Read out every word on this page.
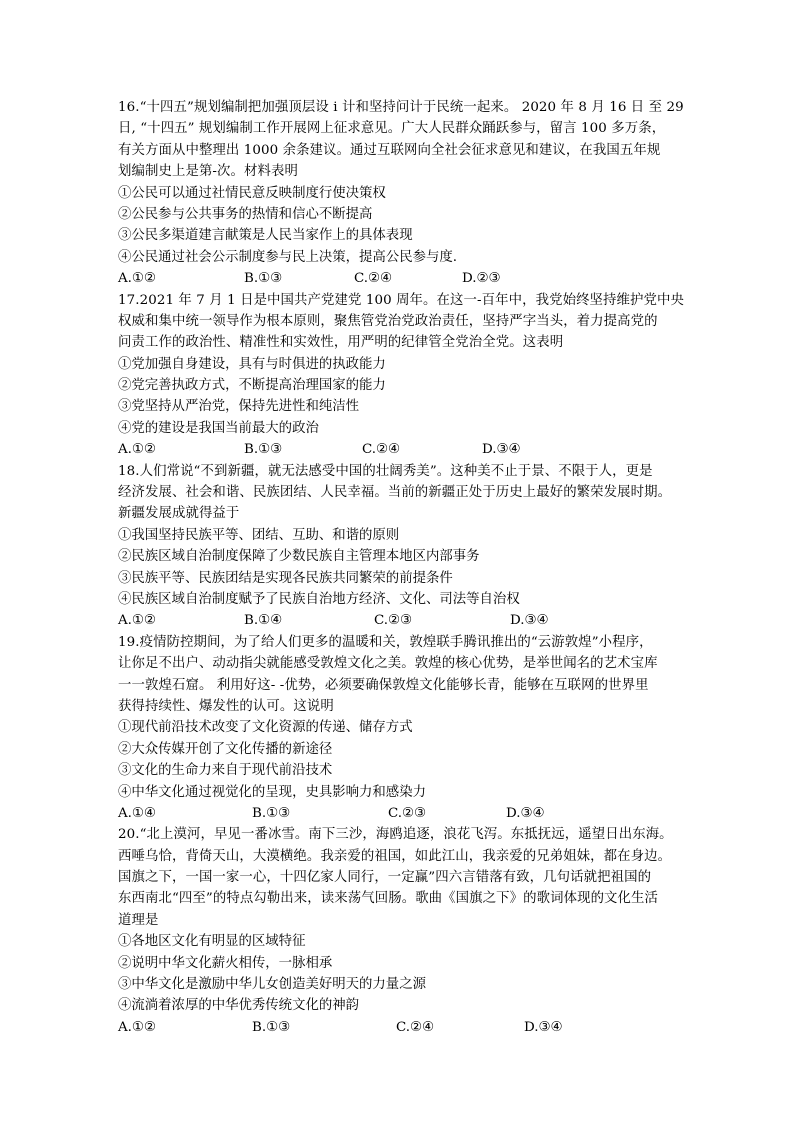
16.“十四五”规划编制把加强顶层设 i 计和坚持问计于民统一起来。 2020 年 8 月 16 日 至 29
日, “十四五” 规划编制工作开展网上征求意见。广大人民群众踊跃参与，留言 100 多万条，
有关方面从中整理出 1000 余条建议。通过互联网向全社会征求意见和建议，在我国五年规
划编制史上是第-次。材料表明
①公民可以通过社情民意反映制度行使决策权
②公民参与公共事务的热情和信心不断提高
③公民多渠道建言献策是人民当家作上的具体表现
④公民通过社会公示制度参与民上决策，提高公民参与度.
A.①②	B.①③	C.②④	D.②③
17.2021 年 7 月 1 日是中国共产党建党 100 周年。在这一-百年中，我党始终坚持维护党中央
权威和集中统一领导作为根本原则，聚焦管党治党政治责任，坚持严字当头，着力提高党的
问责工作的政治性、精准性和实效性，用严明的纪律管全党治全党。这表明
①党加强自身建设，具有与时俱进的执政能力
②党完善执政方式，不断提高治理国家的能力
③党坚持从严治党，保持先进性和纯洁性
④党的建设是我国当前最大的政治
A.①②	B.①③	C.②④	D.③④
18.人们常说“不到新疆，就无法感受中国的壮阔秀美”。这种美不止于景、不限于人，更是
经济发展、社会和谐、民族团结、人民幸福。当前的新疆正处于历史上最好的繁荣发展时期。
新疆发展成就得益于
①我国坚持民族平等、团结、互助、和谐的原则
②民族区域自治制度保障了少数民族自主管理本地区内部事务
③民族平等、民族团结是实现各民族共同繁荣的前提条件
④民族区域自治制度赋予了民族自治地方经济、文化、司法等自治权
A.①②	B.①④	C.②③	D.③④
19.疫情防控期间，为了给人们更多的温暖和关，敦煌联手腾讯推出的“云游敦煌”小程序，
让你足不出户、动动指尖就能感受敦煌文化之美。敦煌的核心优势，是举世闻名的艺术宝库
一一敦煌石窟。 利用好这- -优势，必须要确保敦煌文化能够长青，能够在互联网的世界里
获得持续性、爆发性的认可。这说明
①现代前沿技术改变了文化资源的传递、储存方式
②大众传媒开创了文化传播的新途径
③文化的生命力来自于现代前沿技术
④中华文化通过视觉化的呈现，史具影响力和感染力
A.①④	B.①③	C.②③	D.③④
20.“北上漠河，早见一番冰雪。南下三沙，海鸥追逐，浪花飞泻。东抵抚远，遥望日出东海。
西唾乌恰，背倚天山，大漠横绝。我亲爱的祖国，如此江山，我亲爱的兄弟姐妹，都在身边。
国旗之下，一国一家一心，十四亿家人同行，一定赢”四六言错落有致，几句话就把祖国的
东西南北“四至”的特点勾勒出来，读来荡气回肠。歌曲《国旗之下》的歌词体现的文化生活
道理是
①各地区文化有明显的区域特征
②说明中华文化薪火相传，一脉相承
③中华文化是激励中华儿女创造美好明天的力量之源
④流淌着浓厚的中华优秀传统文化的神韵
A.①②	B.①③	C.②④	D.③④
